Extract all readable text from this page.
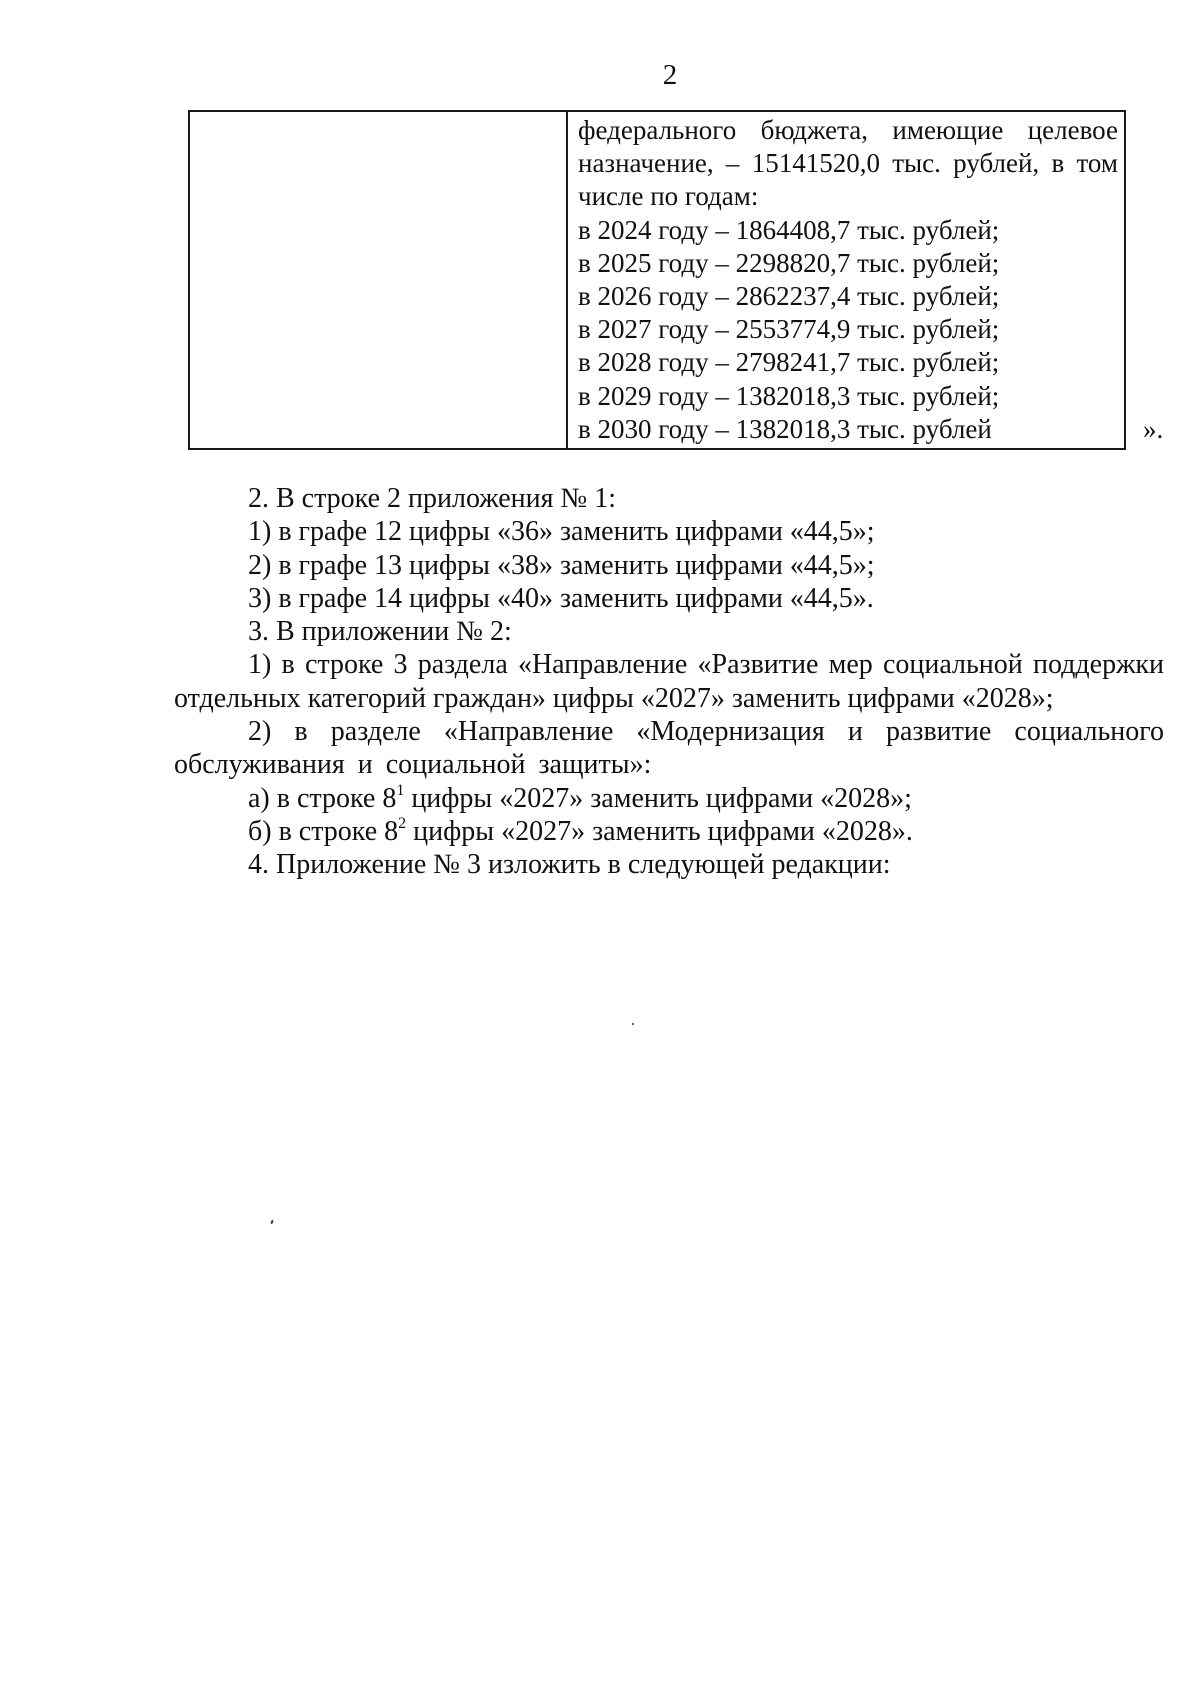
2
федерального бюджета, имеющие целевое
назначение, – 15141520,0 тыс. рублей, в том
числе по годам:
в 2024 году – 1864408,7 тыс. рублей;
в 2025 году – 2298820,7 тыс. рублей;
в 2026 году – 2862237,4 тыс. рублей;
в 2027 году – 2553774,9 тыс. рублей;
в 2028 году – 2798241,7 тыс. рублей;
в 2029 году – 1382018,3 тыс. рублей;
в 2030 году – 1382018,3 тыс. рублей	».
2. В строке 2 приложения № 1:
1) в графе 12 цифры «36» заменить цифрами «44,5»;
2) в графе 13 цифры «38» заменить цифрами «44,5»;
3) в графе 14 цифры «40» заменить цифрами «44,5».
3. В приложении № 2:
1) в строке 3 раздела «Направление «Развитие мер социальной поддержки отдельных категорий граждан» цифры «2027» заменить цифрами «2028»;
2) в разделе «Направление «Модернизация и развитие социального обслуживания и социальной защиты»:
а) в строке $8^1$ цифры «2027» заменить цифрами «2028»;
б) в строке $8^2$ цифры «2027» заменить цифрами «2028».
4. Приложение № 3 изложить в следующей редакции:
